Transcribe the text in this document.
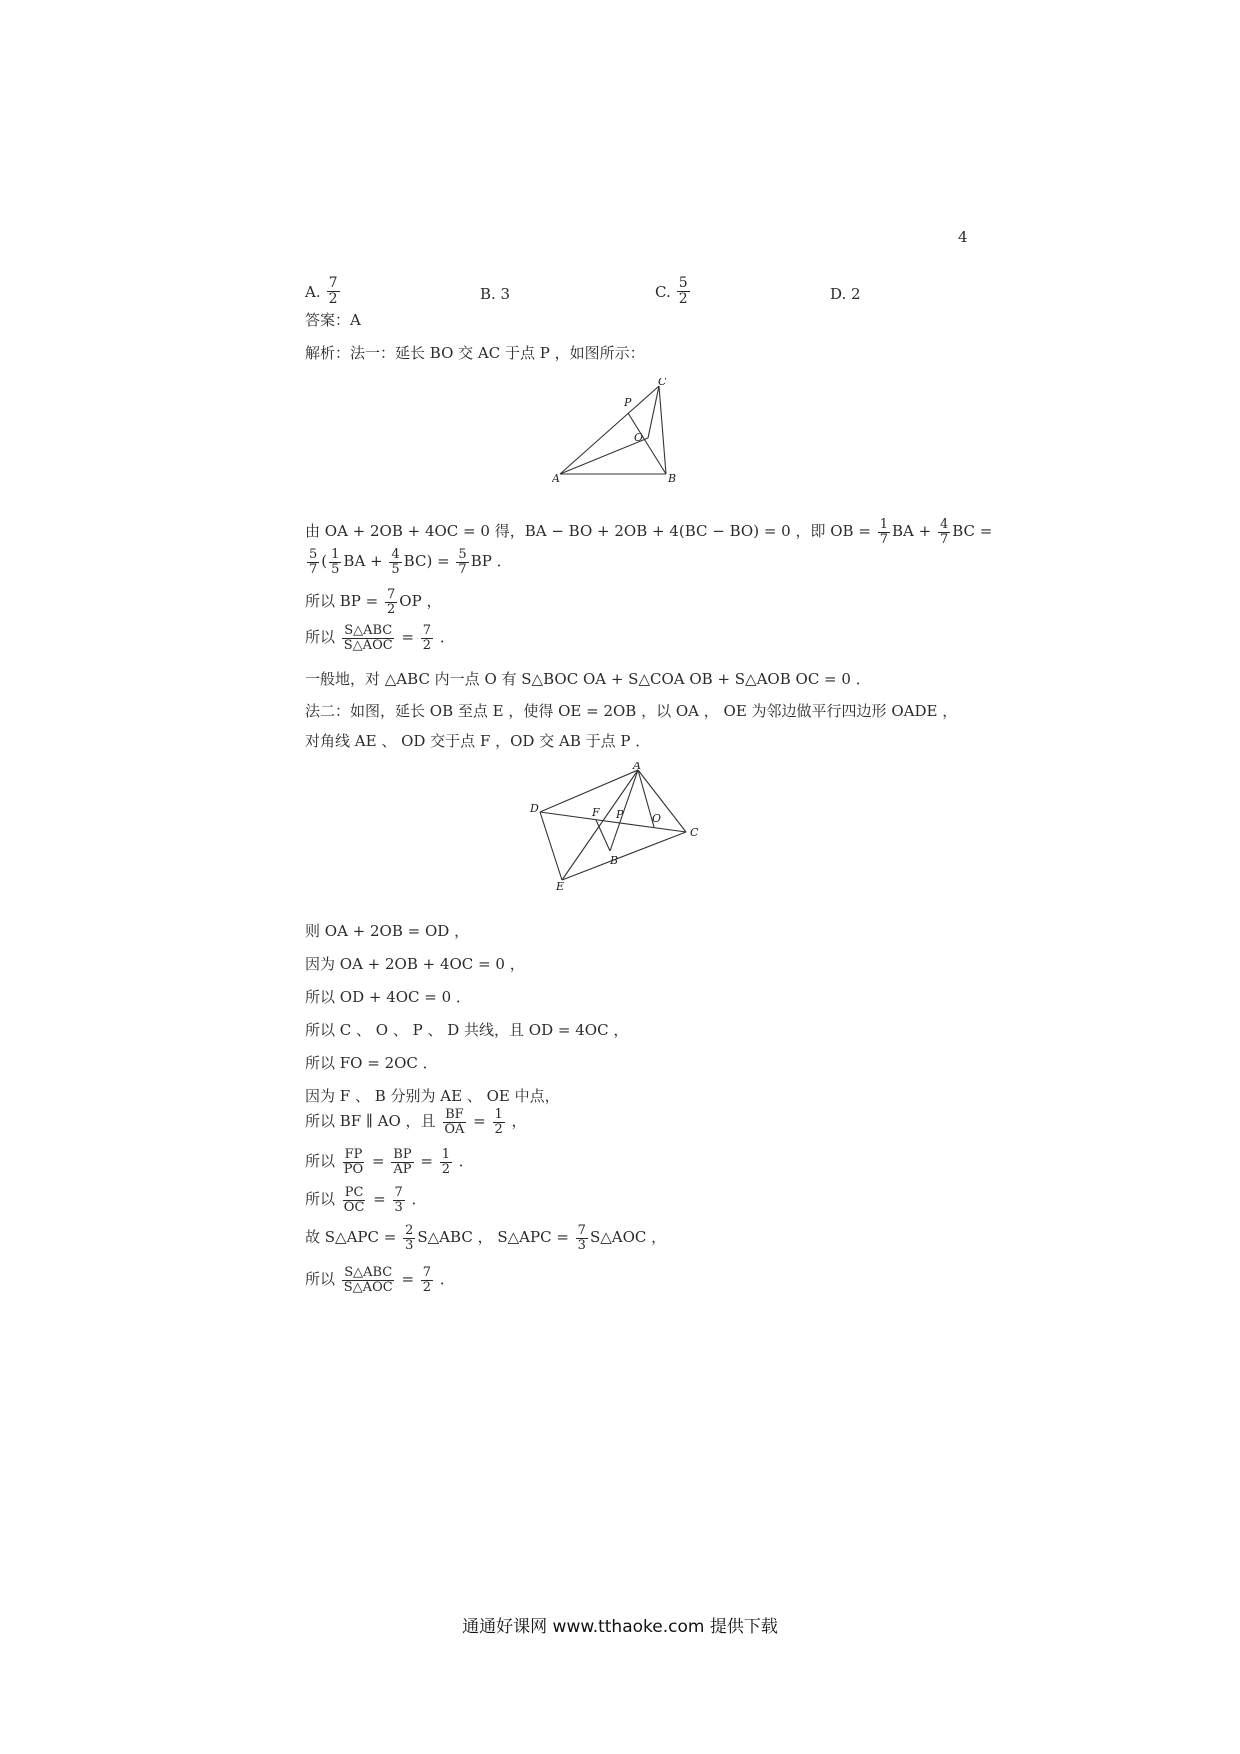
4
A. $\frac{7}{2}$	B. 3	C. $\frac{5}{2}$	D. 2
答案：A
解析：法一：延长 BO 交 AC 于点 P ，如图所示：
A	B
C
P
O
由 OA + 2OB + 4OC = 0 得，BA − BO + 2OB + 4(BC − BO) = 0 ，即 OB = $\frac{1}{7}$ BA + $\frac{4}{7}$ BC =
$\frac{5}{7}$ ( $\frac{1}{5}$ BA + $\frac{4}{5} BC) = \frac{5}{7}$ BP ．
所以 BP = $\frac{7}{2}$ OP ，
所以 S△ABC
S△AOC = $\frac{7}{2}$ ．
一般地，对 △ABC 内一点 O 有 S△BOC OA + S△COA OB + S△AOB OC = 0 ．
法二：如图，延长 OB 至点 E ，使得 OE = 2OB ，以 OA ， OE 为邻边做平行四边形 OADE ，
对角线 AE 、 OD 交于点 F ，OD 交 AB 于点 P ．
A
B
C
D
E
F P	O
则 OA + 2OB = OD ，
因为 OA + 2OB + 4OC = 0 ，
所以 OD + 4OC = 0 ．
所以 C 、 O 、 P 、 D 共线，且 OD = 4OC ，
所以 FO = 2OC ．
因为 F 、 B 分别为 AE 、 OE 中点，
所以 BF ∥ AO ，且 $\frac{BF}{OA} = \frac{1}{2}$ ，
所以 $\frac{FP}{PO} = \frac{BP}{AP} = \frac{1}{2}$ ．
所以 $\frac{PC}{OC} = \frac{7}{3}$ ．
故 S△APC = $\frac{2}{3}$ S△ABC ， S△APC = $\frac{7}{3}$ S△AOC ，
所以 S△ABC
S△AOC = $\frac{7}{2}$ ．
通通好课网 www.tthaoke.com 提供下载
